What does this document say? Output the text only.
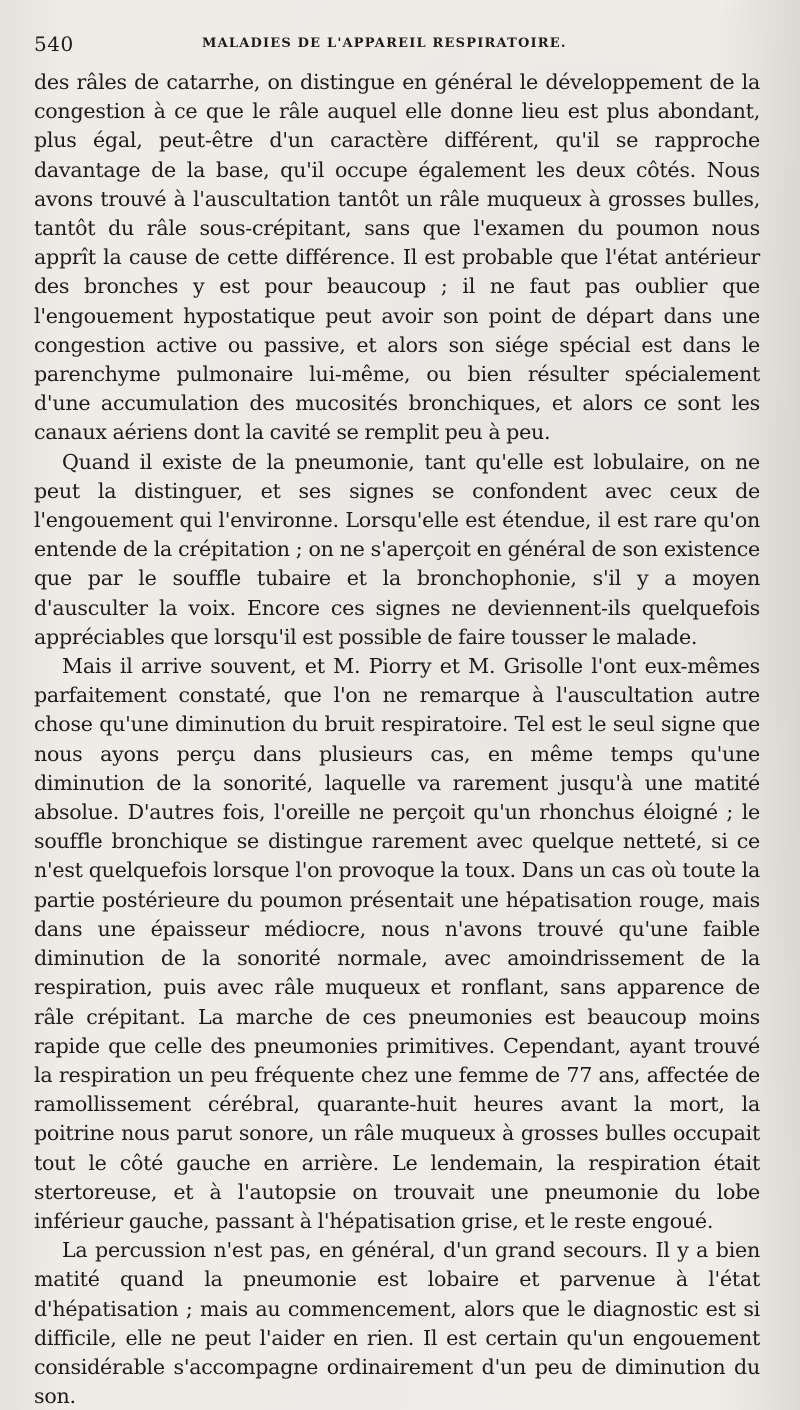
540	MALADIES DE L'APPAREIL RESPIRATOIRE.

des râles de catarrhe, on distingue en général le développement de la congestion à ce que le râle auquel elle donne lieu est plus abondant, plus égal, peut-être d'un caractère différent, qu'il se rapproche davantage de la base, qu'il occupe également les deux côtés. Nous avons trouvé à l'auscultation tantôt un râle muqueux à grosses bulles, tantôt du râle sous-crépitant, sans que l'examen du poumon nous apprît la cause de cette différence. Il est probable que l'état antérieur des bronches y est pour beaucoup ; il ne faut pas oublier que l'engouement hypostatique peut avoir son point de départ dans une congestion active ou passive, et alors son siége spécial est dans le parenchyme pulmonaire lui-même, ou bien résulter spécialement d'une accumulation des mucosités bronchiques, et alors ce sont les canaux aériens dont la cavité se remplit peu à peu.

Quand il existe de la pneumonie, tant qu'elle est lobulaire, on ne peut la distinguer, et ses signes se confondent avec ceux de l'engouement qui l'environne. Lorsqu'elle est étendue, il est rare qu'on entende de la crépitation ; on ne s'aperçoit en général de son existence que par le souffle tubaire et la bronchophonie, s'il y a moyen d'ausculter la voix. Encore ces signes ne deviennent-ils quelquefois appréciables que lorsqu'il est possible de faire tousser le malade.

Mais il arrive souvent, et M. Piorry et M. Grisolle l'ont eux-mêmes parfaitement constaté, que l'on ne remarque à l'auscultation autre chose qu'une diminution du bruit respiratoire. Tel est le seul signe que nous ayons perçu dans plusieurs cas, en même temps qu'une diminution de la sonorité, laquelle va rarement jusqu'à une matité absolue. D'autres fois, l'oreille ne perçoit qu'un rhonchus éloigné ; le souffle bronchique se distingue rarement avec quelque netteté, si ce n'est quelquefois lorsque l'on provoque la toux. Dans un cas où toute la partie postérieure du poumon présentait une hépatisation rouge, mais dans une épaisseur médiocre, nous n'avons trouvé qu'une faible diminution de la sonorité normale, avec amoindrissement de la respiration, puis avec râle muqueux et ronflant, sans apparence de râle crépitant. La marche de ces pneumonies est beaucoup moins rapide que celle des pneumonies primitives. Cependant, ayant trouvé la respiration un peu fréquente chez une femme de 77 ans, affectée de ramollissement cérébral, quarante-huit heures avant la mort, la poitrine nous parut sonore, un râle muqueux à grosses bulles occupait tout le côté gauche en arrière. Le lendemain, la respiration était stertoreuse, et à l'autopsie on trouvait une pneumonie du lobe inférieur gauche, passant à l'hépatisation grise, et le reste engoué.

La percussion n'est pas, en général, d'un grand secours. Il y a bien matité quand la pneumonie est lobaire et parvenue à l'état d'hépatisation ; mais au commencement, alors que le diagnostic est si difficile, elle ne peut l'aider en rien. Il est certain qu'un engouement considérable s'accompagne ordinairement d'un peu de diminution du son.
